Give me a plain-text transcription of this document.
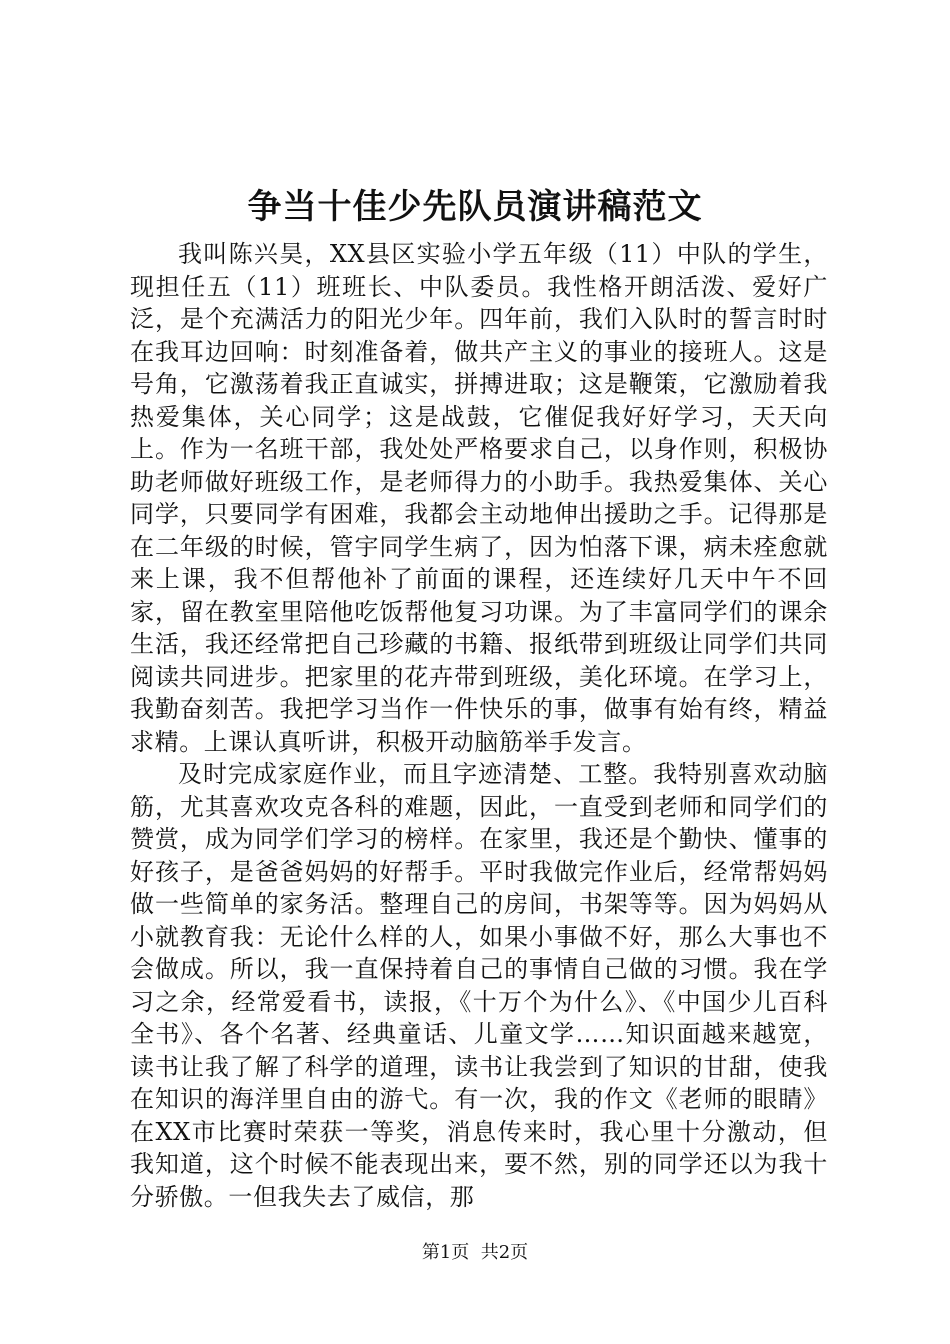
争当十佳少先队员演讲稿范文

我叫陈兴昊，XX县区实验小学五年级（11）中队的学生，现担任五（11）班班长、中队委员。我性格开朗活泼、爱好广泛，是个充满活力的阳光少年。四年前，我们入队时的誓言时时在我耳边回响：时刻准备着，做共产主义的事业的接班人。这是号角，它激荡着我正直诚实，拼搏进取；这是鞭策，它激励着我热爱集体，关心同学；这是战鼓，它催促我好好学习，天天向上。作为一名班干部，我处处严格要求自己，以身作则，积极协助老师做好班级工作，是老师得力的小助手。我热爱集体、关心同学，只要同学有困难，我都会主动地伸出援助之手。记得那是在二年级的时候，管宇同学生病了，因为怕落下课，病未痊愈就来上课，我不但帮他补了前面的课程，还连续好几天中午不回家，留在教室里陪他吃饭帮他复习功课。为了丰富同学们的课余生活，我还经常把自己珍藏的书籍、报纸带到班级让同学们共同阅读共同进步。把家里的花卉带到班级，美化环境。在学习上，我勤奋刻苦。我把学习当作一件快乐的事，做事有始有终，精益求精。上课认真听讲，积极开动脑筋举手发言。

及时完成家庭作业，而且字迹清楚、工整。我特别喜欢动脑筋，尤其喜欢攻克各科的难题，因此，一直受到老师和同学们的赞赏，成为同学们学习的榜样。在家里，我还是个勤快、懂事的好孩子，是爸爸妈妈的好帮手。平时我做完作业后，经常帮妈妈做一些简单的家务活。整理自己的房间，书架等等。因为妈妈从小就教育我：无论什么样的人，如果小事做不好，那么大事也不会做成。所以，我一直保持着自己的事情自己做的习惯。我在学习之余，经常爱看书，读报，《十万个为什么》、《中国少儿百科全书》、各个名著、经典童话、儿童文学……知识面越来越宽，读书让我了解了科学的道理，读书让我尝到了知识的甘甜，使我在知识的海洋里自由的游弋。有一次，我的作文《老师的眼睛》在XX市比赛时荣获一等奖，消息传来时，我心里十分激动，但我知道，这个时候不能表现出来，要不然，别的同学还以为我十分骄傲。一但我失去了威信，那

第1页 共2页
